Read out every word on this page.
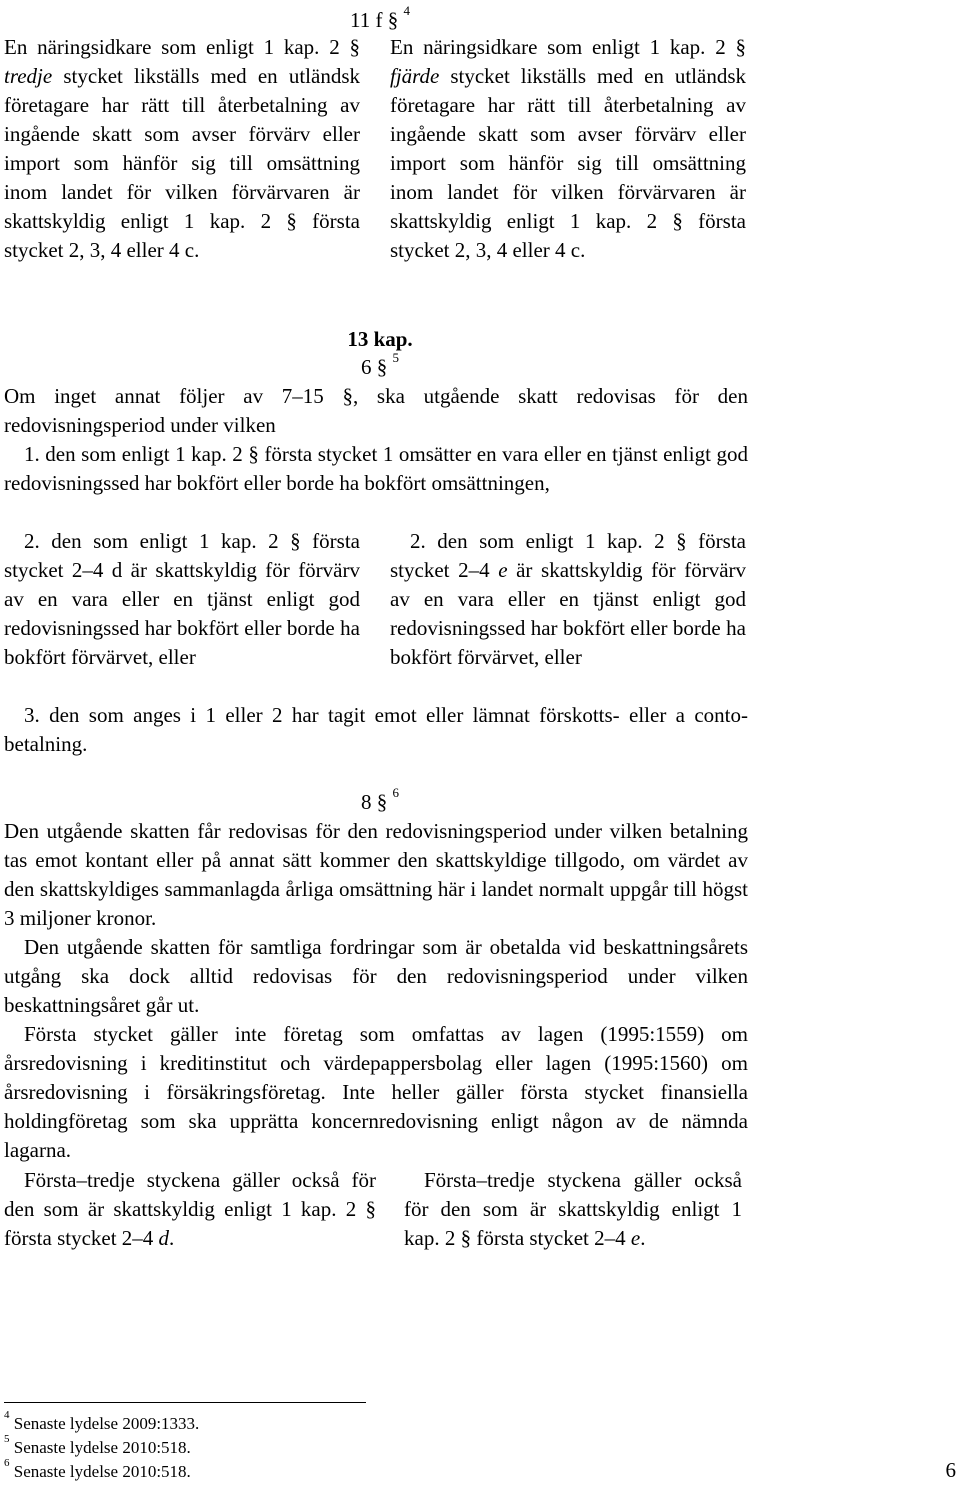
11 f § $^4$
En näringsidkare som enligt 1 kap. 2 § tredje stycket likställs med en utländsk företagare har rätt till återbetalning av ingående skatt som avser förvärv eller import som hänför sig till omsättning inom landet för vilken förvärvaren är skattskyldig enligt 1 kap. 2 § första stycket 2, 3, 4 eller 4 c.
En näringsidkare som enligt 1 kap. 2 § fjärde stycket likställs med en utländsk företagare har rätt till återbetalning av ingående skatt som avser förvärv eller import som hänför sig till omsättning inom landet för vilken förvärvaren är skattskyldig enligt 1 kap. 2 § första stycket 2, 3, 4 eller 4 c.
13 kap.
6 § $^5$
Om inget annat följer av 7–15 §, ska utgående skatt redovisas för den redovisningsperiod under vilken
1. den som enligt 1 kap. 2 § första stycket 1 omsätter en vara eller en tjänst enligt god redovisningssed har bokfört eller borde ha bokfört omsättningen,
2. den som enligt 1 kap. 2 § första stycket 2–4 d är skattskyldig för förvärv av en vara eller en tjänst enligt god redovisningssed har bokfört eller borde ha bokfört förvärvet, eller
2. den som enligt 1 kap. 2 § första stycket 2–4 e är skattskyldig för förvärv av en vara eller en tjänst enligt god redovisningssed har bokfört eller borde ha bokfört förvärvet, eller
3. den som anges i 1 eller 2 har tagit emot eller lämnat förskotts- eller a conto-betalning.
8 § $^6$
Den utgående skatten får redovisas för den redovisningsperiod under vilken betalning tas emot kontant eller på annat sätt kommer den skattskyldige tillgodo, om värdet av den skattskyldiges sammanlagda årliga omsättning här i landet normalt uppgår till högst 3 miljoner kronor.
Den utgående skatten för samtliga fordringar som är obetalda vid beskattningsårets utgång ska dock alltid redovisas för den redovisningsperiod under vilken beskattningsåret går ut.
Första stycket gäller inte företag som omfattas av lagen (1995:1559) om årsredovisning i kreditinstitut och värdepappersbolag eller lagen (1995:1560) om årsredovisning i försäkringsföretag. Inte heller gäller första stycket finansiella holdingföretag som ska upprätta koncernredovisning enligt någon av de nämnda lagarna.
Första–tredje styckena gäller också för den som är skattskyldig enligt 1 kap. 2 § första stycket 2–4 d.
Första–tredje styckena gäller också för den som är skattskyldig enligt 1 kap. 2 § första stycket 2–4 e.
$^4$ Senaste lydelse 2009:1333.
$^5$ Senaste lydelse 2010:518.
$^6$ Senaste lydelse 2010:518.	6
